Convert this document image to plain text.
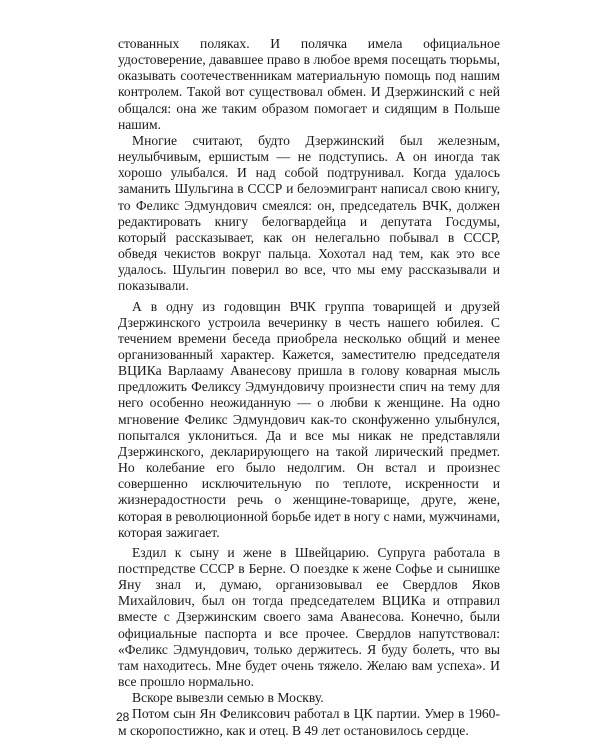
стованных поляках. И полячка имела официальное удостоверение, дававшее право в любое время посещать тюрьмы, оказывать соотечественникам материальную помощь под нашим контролем. Такой вот существовал обмен. И Дзержинский с ней общался: она же таким образом помогает и сидящим в Польше нашим.

Многие считают, будто Дзержинский был железным, неулыбчивым, ершистым — не подступись. А он иногда так хорошо улыбался. И над собой подтрунивал. Когда удалось заманить Шульгина в СССР и белоэмигрант написал свою книгу, то Феликс Эдмундович смеялся: он, председатель ВЧК, должен редактировать книгу белогвардейца и депутата Госдумы, который рассказывает, как он нелегально побывал в СССР, обведя чекистов вокруг пальца. Хохотал над тем, как это все удалось. Шульгин поверил во все, что мы ему рассказывали и показывали.

А в одну из годовщин ВЧК группа товарищей и друзей Дзержинского устроила вечеринку в честь нашего юбилея. С течением времени беседа приобрела несколько общий и менее организованный характер. Кажется, заместителю председателя ВЦИКа Варлааму Аванесову пришла в голову коварная мысль предложить Феликсу Эдмундовичу произнести спич на тему для него особенно неожиданную — о любви к женщине. На одно мгновение Феликс Эдмундович как-то сконфуженно улыбнулся, попытался уклониться. Да и все мы никак не представляли Дзержинского, декларирующего на такой лирический предмет. Но колебание его было недолгим. Он встал и произнес совершенно исключительную по теплоте, искренности и жизнерадостности речь о женщине-товарище, друге, жене, которая в революционной борьбе идет в ногу с нами, мужчинами, которая зажигает.

Ездил к сыну и жене в Швейцарию. Супруга работала в постпредстве СССР в Берне. О поездке к жене Софье и сынишке Яну знал и, думаю, организовывал ее Свердлов Яков Михайлович, был он тогда председателем ВЦИКа и отправил вместе с Дзержинским своего зама Аванесова. Конечно, были официальные паспорта и все прочее. Свердлов напутствовал: «Феликс Эдмундович, только держитесь. Я буду болеть, что вы там находитесь. Мне будет очень тяжело. Желаю вам успеха». И все прошло нормально.

Вскоре вывезли семью в Москву.

Потом сын Ян Феликсович работал в ЦК партии. Умер в 1960-м скоропостижно, как и отец. В 49 лет остановилось сердце.

28
